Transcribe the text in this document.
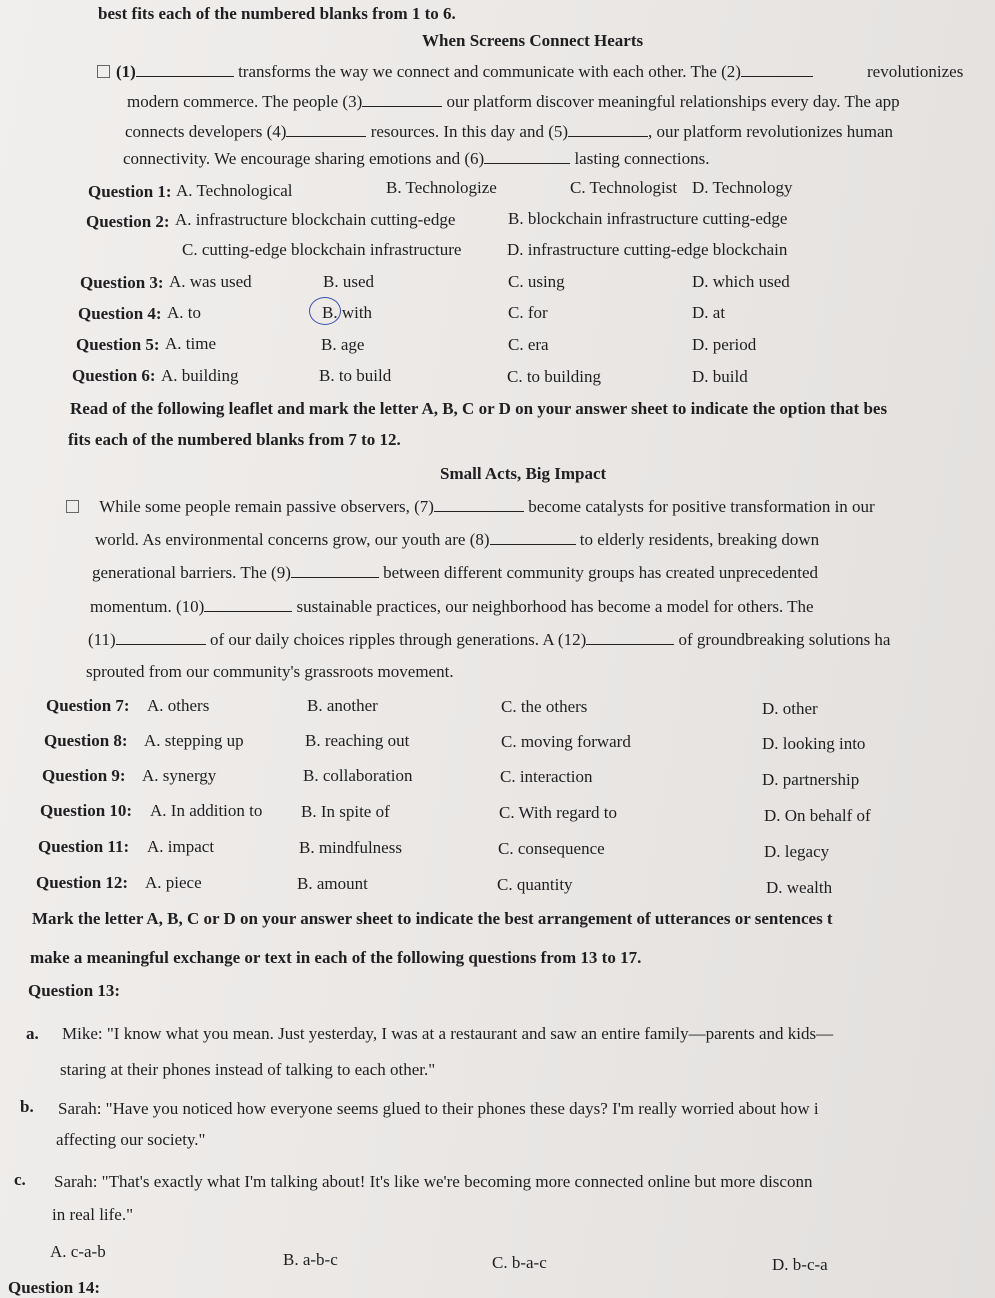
best fits each of the numbered blanks from 1 to 6.
When Screens Connect Hearts
(1)	transforms the way we connect and communicate with each other. The (2)	revolutionizes
modern commerce. The people (3)	our platform discover meaningful relationships every day. The app
connects developers (4)	resources. In this day and (5)	, our platform revolutionizes human
connectivity. We encourage sharing emotions and (6)	lasting connections.
Question 1: A. Technological	B. Technologize	C. Technologist D. Technology
Question 2: A. infrastructure blockchain cutting-edge	B. blockchain infrastructure cutting-edge
C. cutting-edge blockchain infrastructure	D. infrastructure cutting-edge blockchain
Question 3: A. was used	B. used	C. using	D. which used
Question 4: A. to	B. with	C. for	D. at
Question 5: A. time	B. age	C. era	D. period
Question 6: A. building	B. to build	C. to building	D. build
Read of the following leaflet and mark the letter A, B, C or D on your answer sheet to indicate the option that bes
fits each of the numbered blanks from 7 to 12.
Small Acts, Big Impact
While some people remain passive observers, (7)	become catalysts for positive transformation in our
world. As environmental concerns grow, our youth are (8)	to elderly residents, breaking down
generational barriers. The (9)	between different community groups has created unprecedented
momentum. (10)	sustainable practices, our neighborhood has become a model for others. The
(11)	of our daily choices ripples through generations. A (12)	of groundbreaking solutions ha
sprouted from our community's grassroots movement.
Question 7: A. others	B. another	C. the others	D. other
Question 8: A. stepping up	B. reaching out	C. moving forward	D. looking into
Question 9: A. synergy	B. collaboration	C. interaction	D. partnership
Question 10: A. In addition to B. In spite of	C. With regard to	D. On behalf of
Question 11: A. impact	B. mindfulness	C. consequence	D. legacy
Question 12: A. piece	B. amount	C. quantity	D. wealth
Mark the letter A, B, C or D on your answer sheet to indicate the best arrangement of utterances or sentences t
make a meaningful exchange or text in each of the following questions from 13 to 17.
Question 13:
a. Mike: "I know what you mean. Just yesterday, I was at a restaurant and saw an entire family—parents and kids—
staring at their phones instead of talking to each other."
b. Sarah: "Have you noticed how everyone seems glued to their phones these days? I'm really worried about how i
affecting our society."
c. Sarah: "That's exactly what I'm talking about! It's like we're becoming more connected online but more disconn
in real life."
A. c-a-b	B. a-b-c	C. b-a-c	D. b-c-a
Question 14:
